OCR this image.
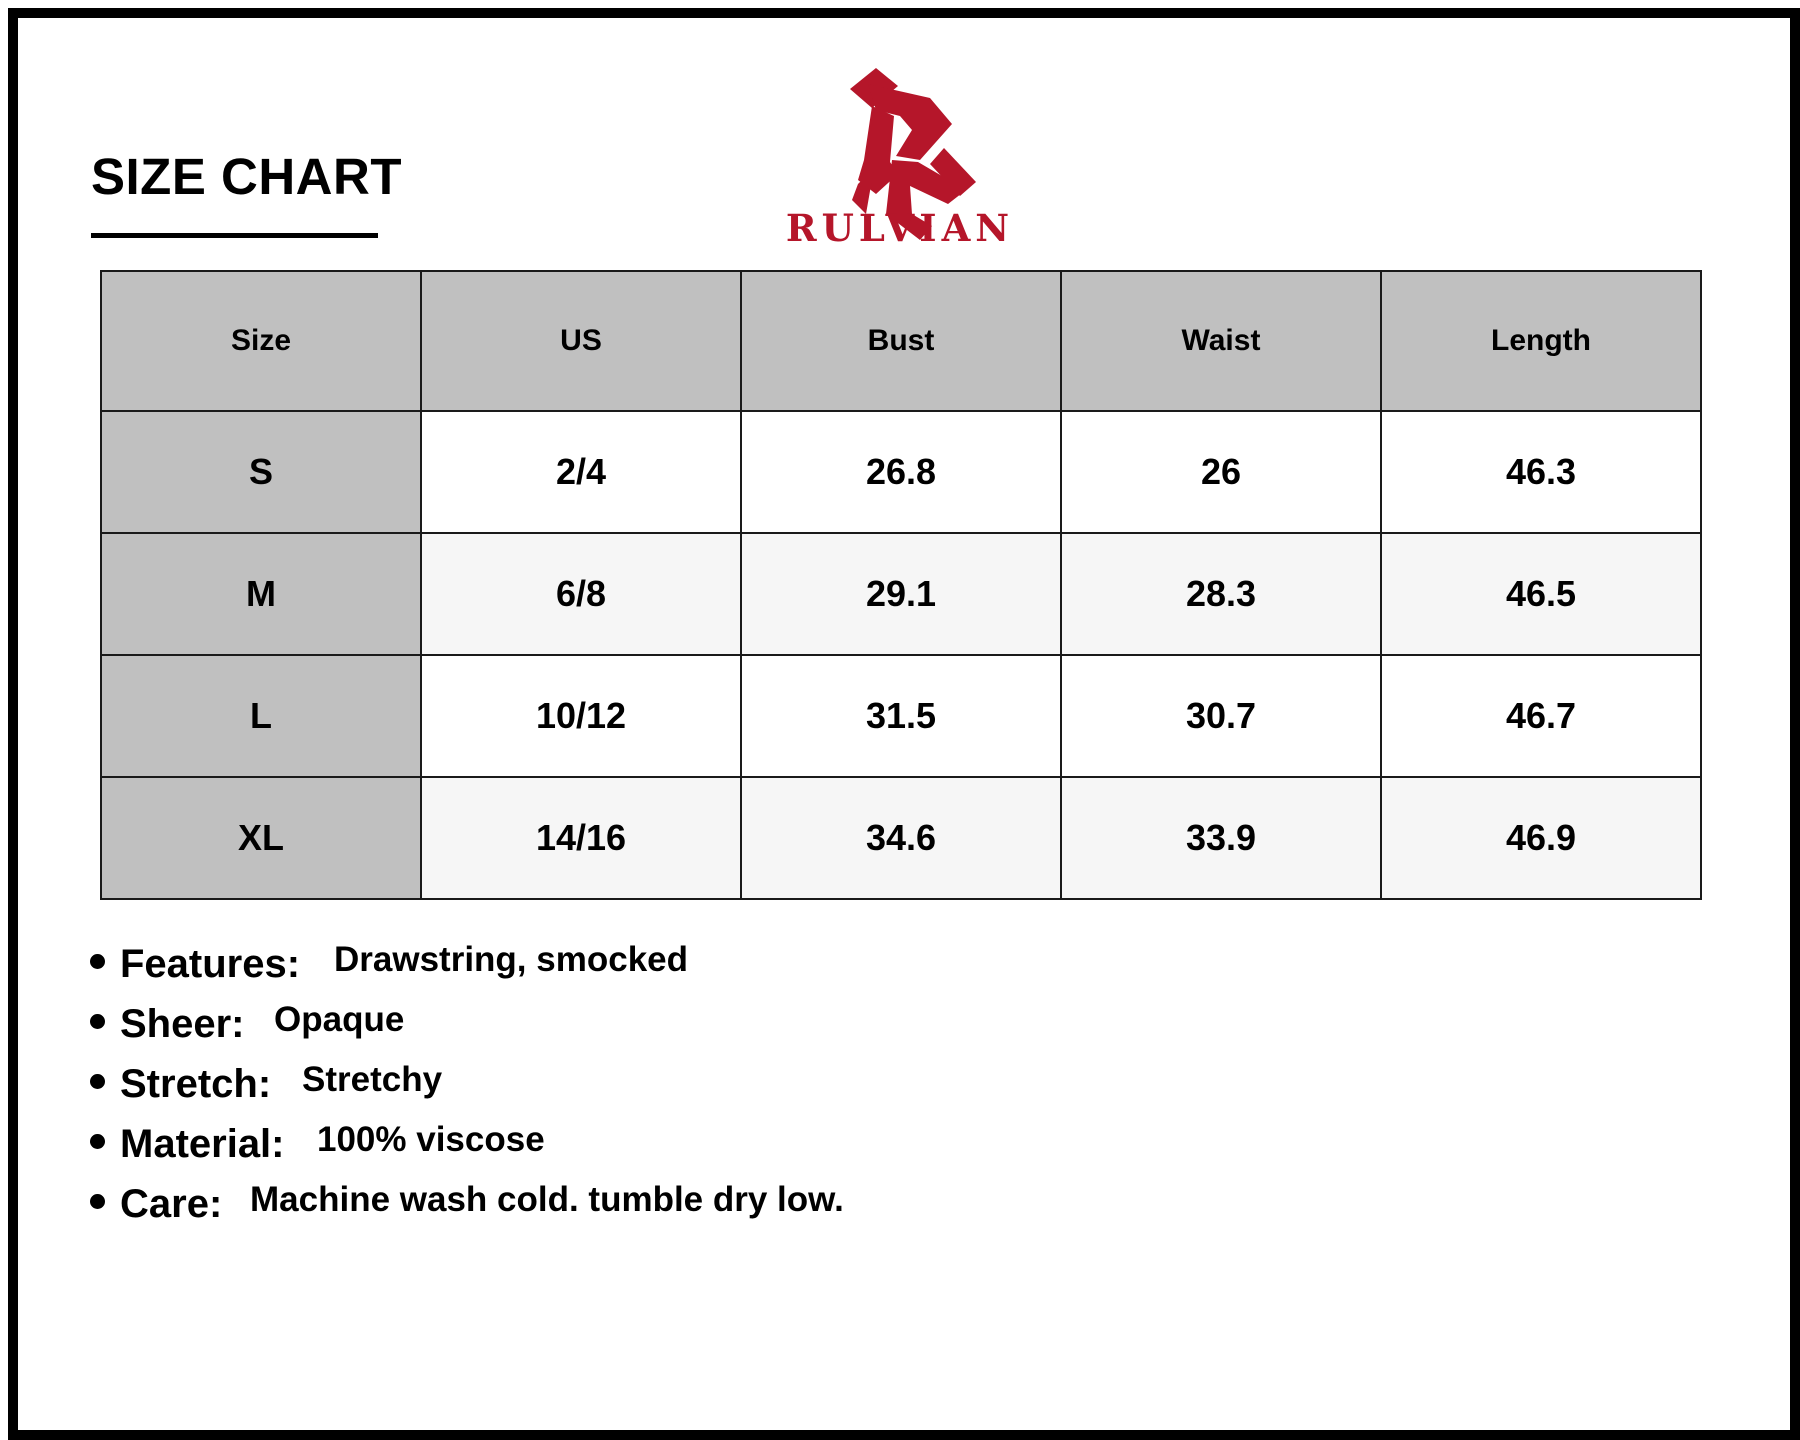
SIZE CHART
RULVIAN
Size	US	Bust	Waist	Length
S	2/4	26.8	26	46.3
M	6/8	29.1	28.3	46.5
L	10/12	31.5	30.7	46.7
XL	14/16	34.6	33.9	46.9
Features: Drawstring, smocked
Sheer: Opaque
Stretch: Stretchy
Material: 100% viscose
Care: Machine wash cold. tumble dry low.
